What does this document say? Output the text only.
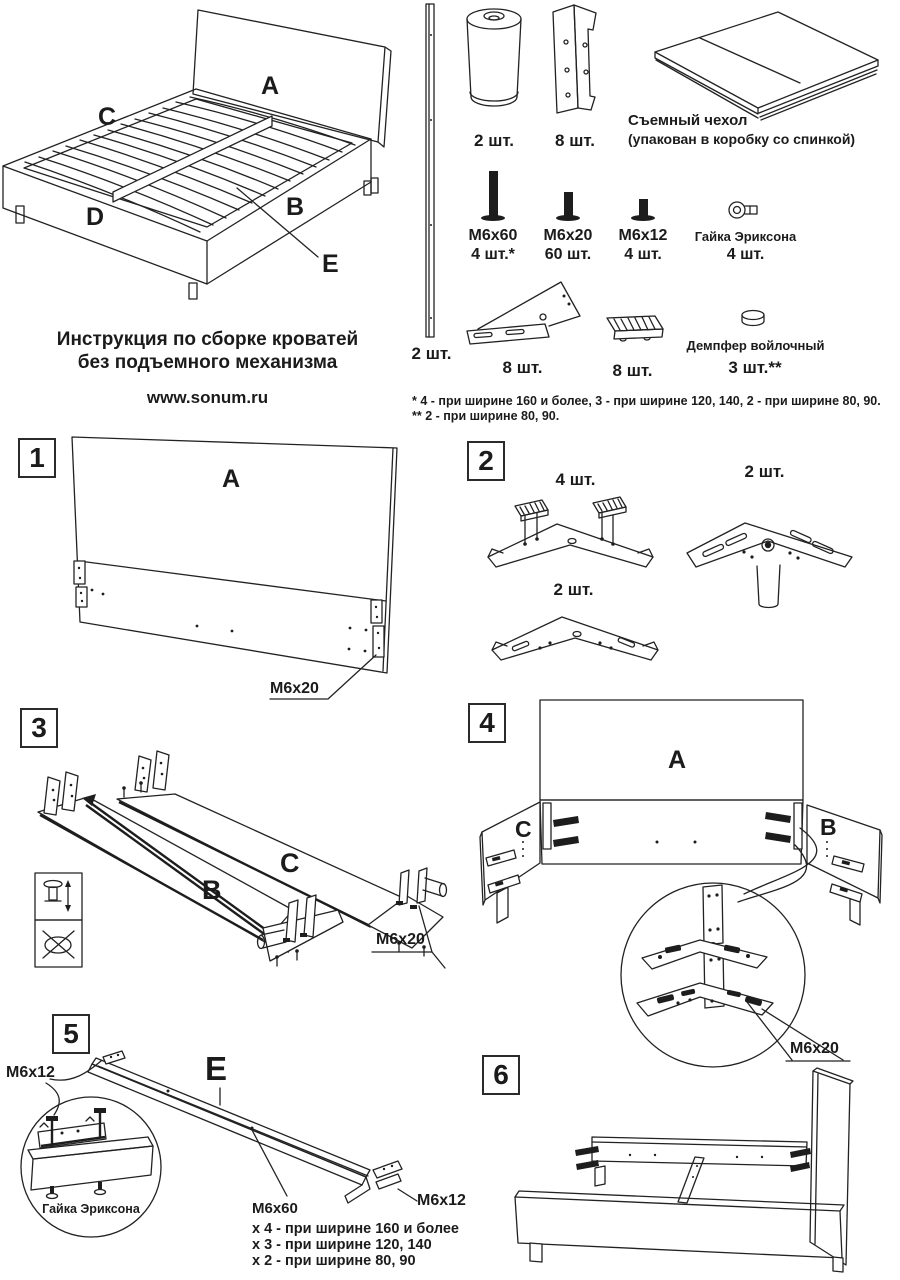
A
C
D	B
E
Инструкция по сборке кроватей
без подъемного механизма
www.sonum.ru
2 шт.
2 шт.	8 шт.
Съемный чехол
(упакован в коробку со спинкой)
M6x60
4 шт.*
M6x20
60 шт.
M6x12
4 шт.
Гайка Эриксона
4 шт.
8 шт.	8 шт.
Демпфер войлочный
3 шт.**
* 4 - при ширине 160 и более, 3 - при ширине 120, 140, 2 - при ширине 80, 90.
** 2 - при ширине 80, 90.
1	2
3	4
5
6
A
M6x20
4 шт.
2 шт.
2 шт.
B
C
M6x20
A
C	B
M6x20
M6x12	E
Гайка Эриксона	M6x60
x 4 - при ширине 160 и более
x 3 - при ширине 120, 140
x 2 - при ширине 80, 90
M6x12
